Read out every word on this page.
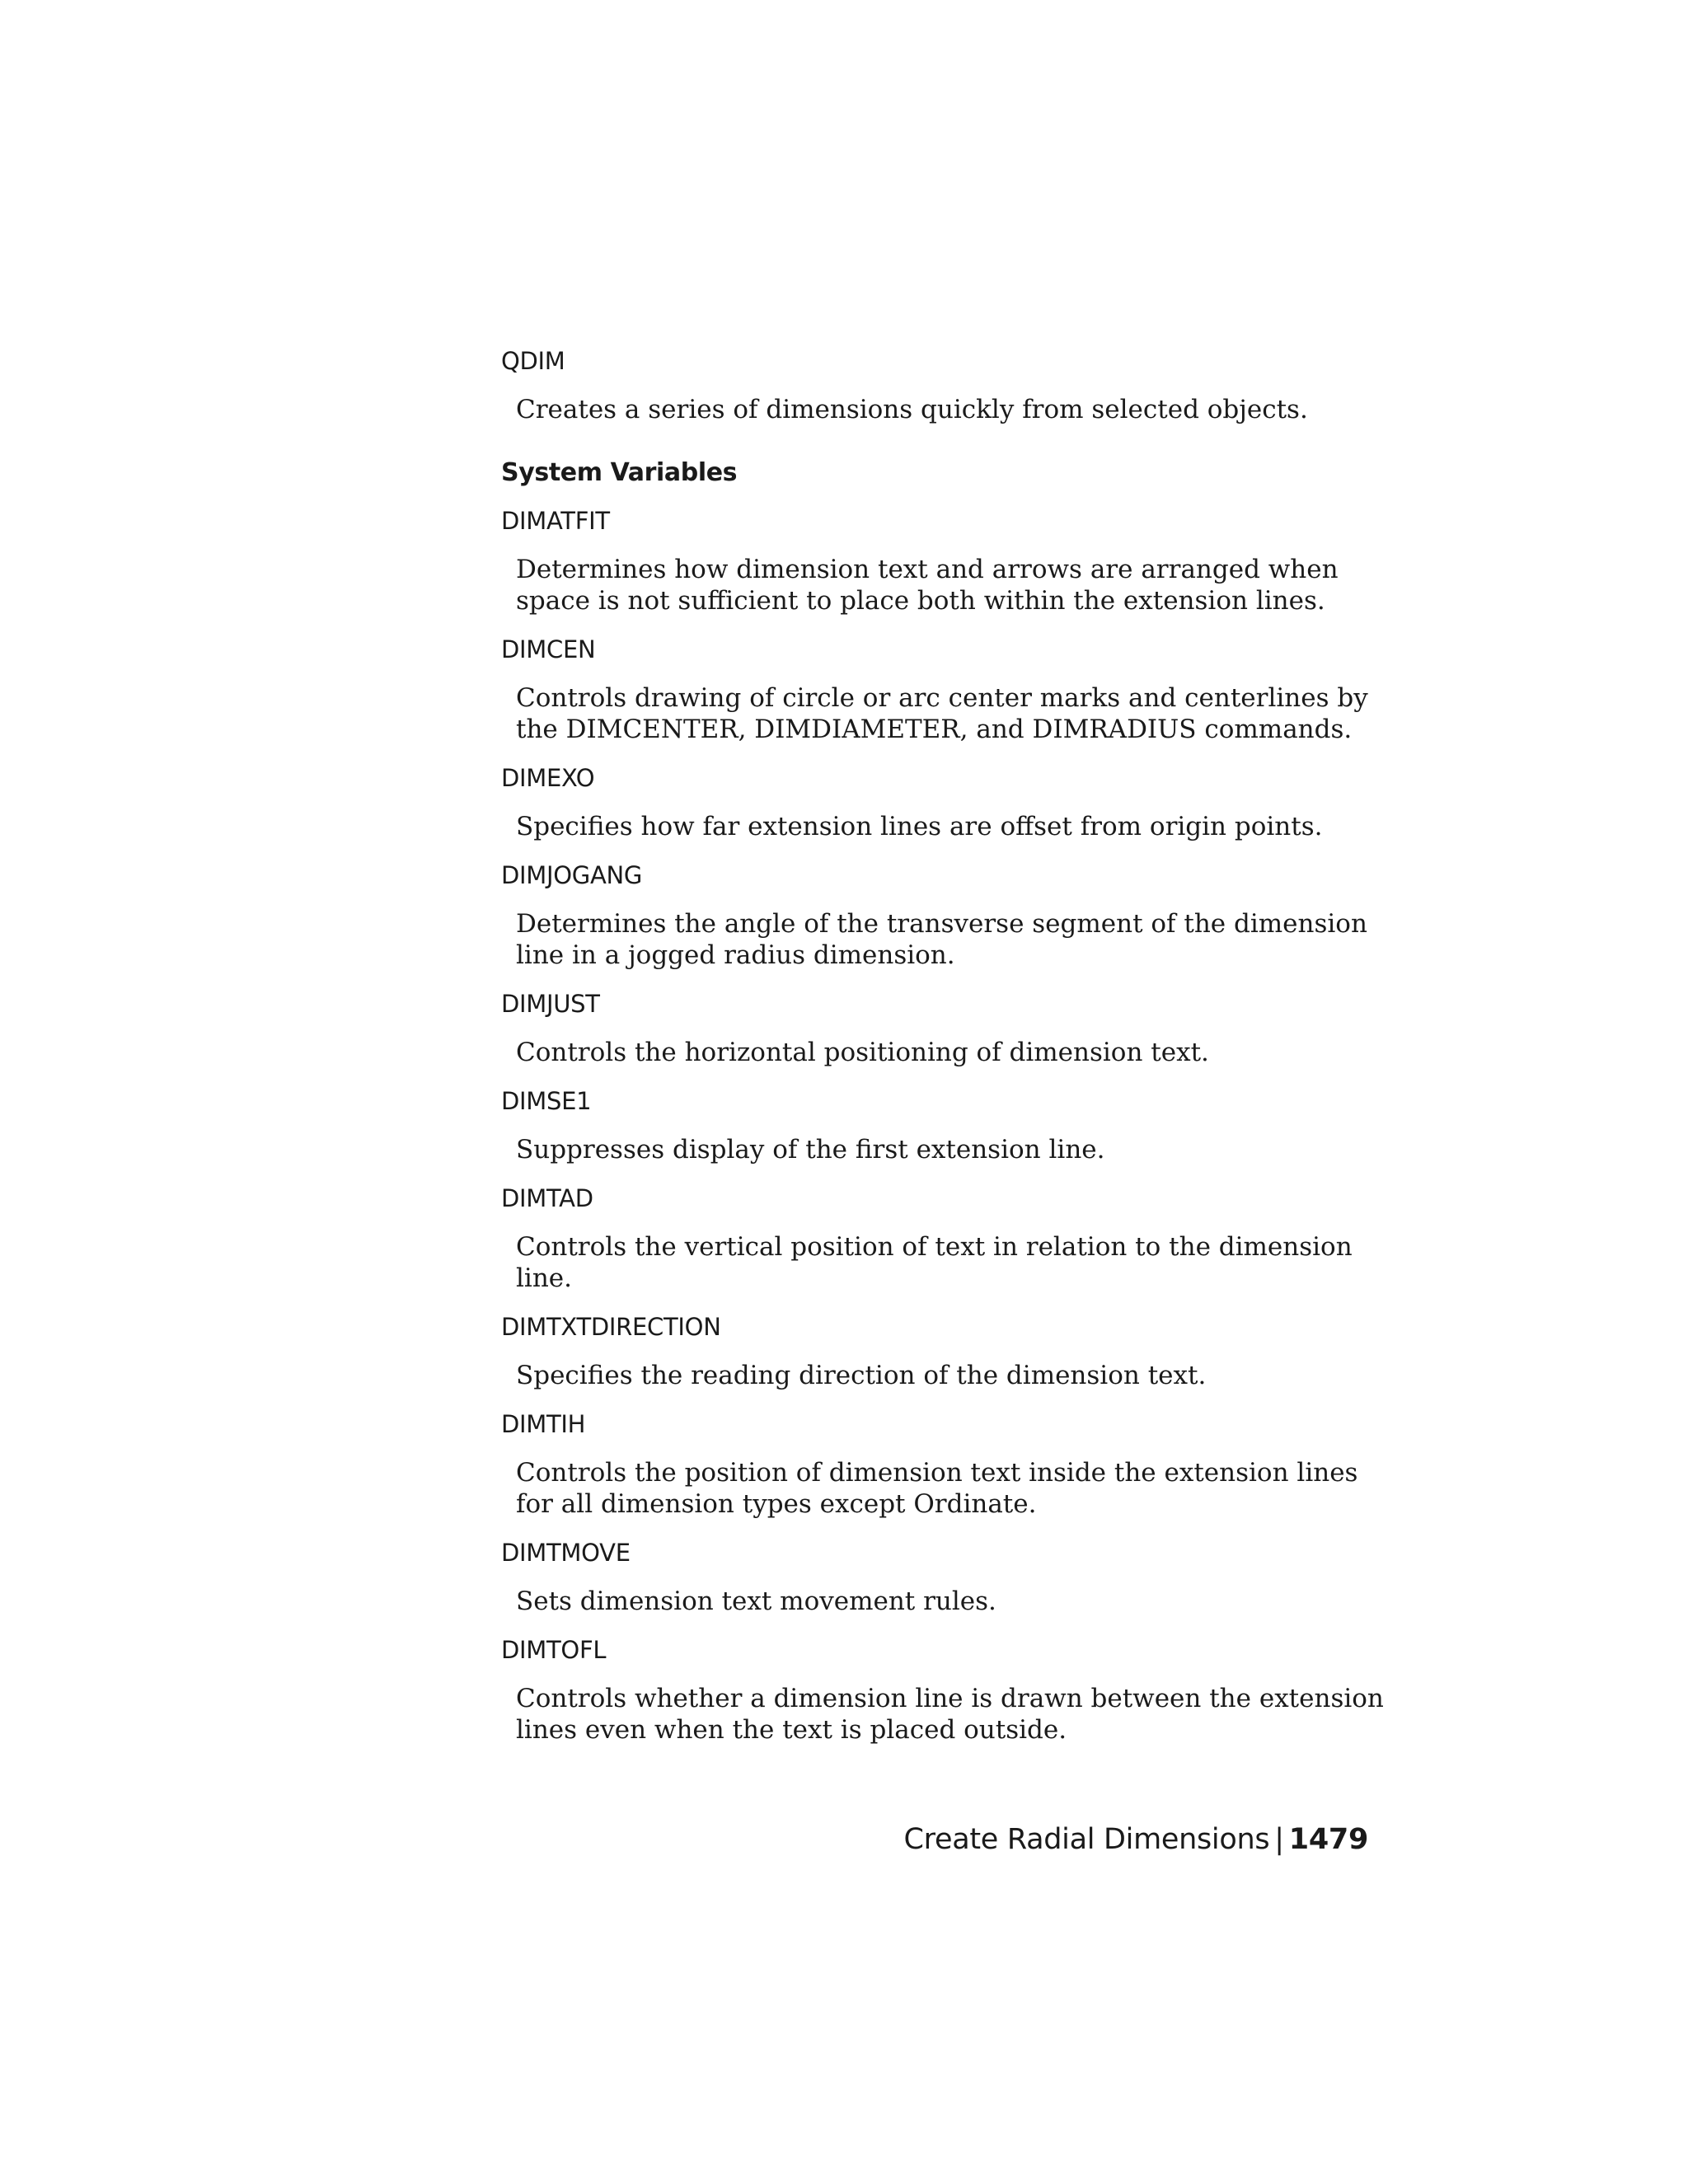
QDIM
Creates a series of dimensions quickly from selected objects.
System Variables
DIMATFIT
Determines how dimension text and arrows are arranged when space is not sufficient to place both within the extension lines.
DIMCEN
Controls drawing of circle or arc center marks and centerlines by the DIMCENTER, DIMDIAMETER, and DIMRADIUS commands.
DIMEXO
Specifies how far extension lines are offset from origin points.
DIMJOGANG
Determines the angle of the transverse segment of the dimension line in a jogged radius dimension.
DIMJUST
Controls the horizontal positioning of dimension text.
DIMSE1
Suppresses display of the first extension line.
DIMTAD
Controls the vertical position of text in relation to the dimension line.
DIMTXTDIRECTION
Specifies the reading direction of the dimension text.
DIMTIH
Controls the position of dimension text inside the extension lines for all dimension types except Ordinate.
DIMTMOVE
Sets dimension text movement rules.
DIMTOFL
Controls whether a dimension line is drawn between the extension lines even when the text is placed outside.
Create Radial Dimensions | 1479
